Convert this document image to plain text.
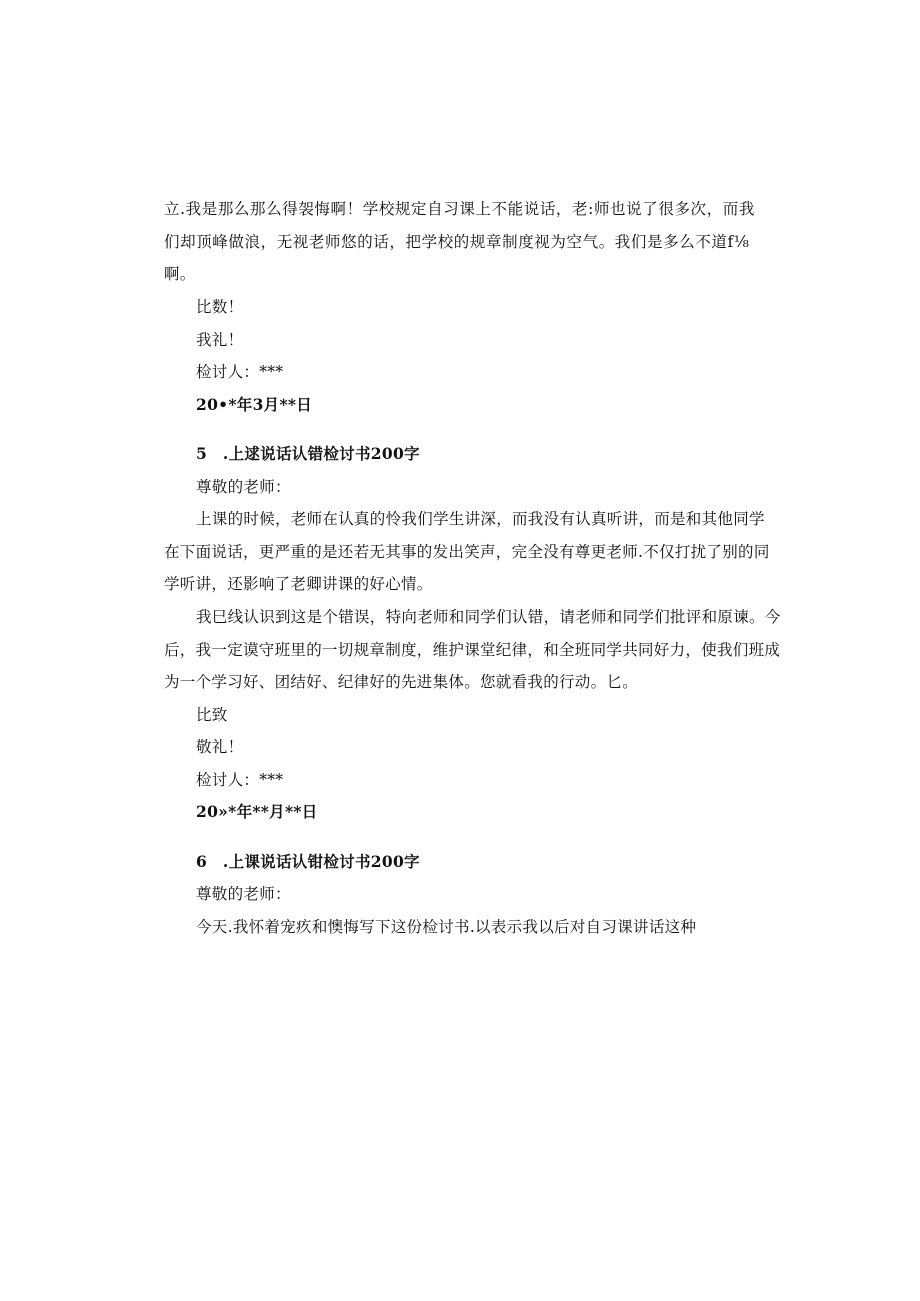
立.我是那么那么得袈悔啊！学校规定自习课上不能说话，老:师也说了很多次，而我
们却顶峰做浪，无视老师悠的话，把学校的规章制度视为空气。我们是多么不道f⅛
啊。
比数！
我礼！
检讨人：***
20•*年3月**日
5　.上逑说话认错检讨书200字
尊敬的老师：
上课的时候，老师在认真的怜我们学生讲深，而我没有认真听讲，而是和其他同学
在下面说话，更严重的是还若无其事的发出笑声，完全没有尊更老师.不仅打扰了别的同
学听讲，还影响了老卿讲课的好心情。
我巳线认识到这是个错误，特向老师和同学们认错，请老师和同学们批评和原谏。今
后，我一定谟守班里的一切规章制度，维护课堂纪律，和全班同学共同好力，使我们班成
为一个学习好、团结好、纪律好的先进集体。您就看我的行动。匕。
比致
敬礼！
检讨人：***
20»*年**月**日
6　.上课说话认钳检讨书200字
尊敬的老师：
今天.我怀着宠疚和懊悔写下这份检讨书.以表示我以后对自习课讲话这种
